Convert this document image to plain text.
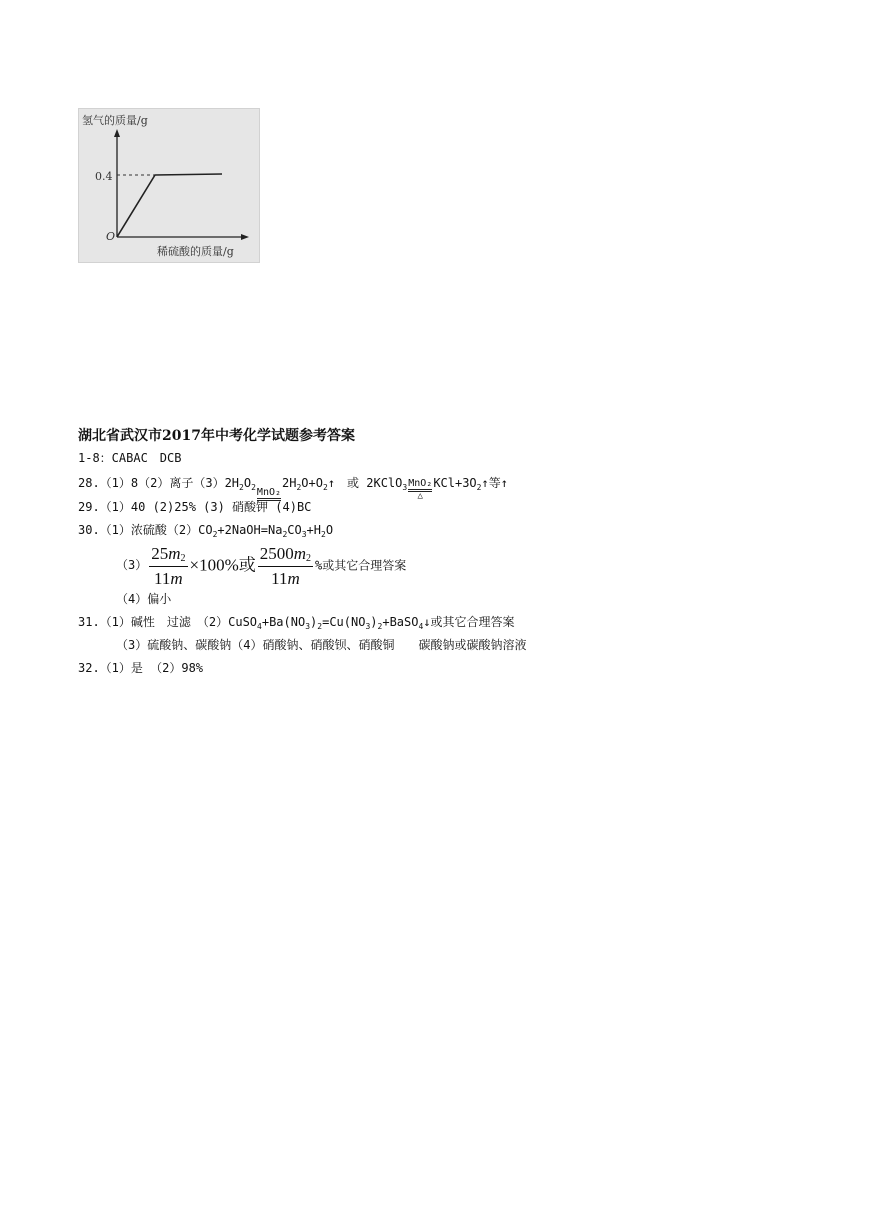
氢气的质量/g
0.4
O
稀硫酸的质量/g
湖北省武汉市2017年中考化学试题参考答案
1-8：CABAC　DCB
28.（1）8（2）离子$(3)2H_2O_2$ MnO₂
$2H_2O+O_2↑$　或 2KClO$_3$ MnO₂
△
$KCl+3O_2↑$等↑
29.（1）40 (2)25% (3) 硝酸钾 (4)BC
30.（1）浓硫酸$(2)CO_2+2NaOH=Na_2CO_3+H_2O$
$(3) \frac{25m_2}{11m} \times 100\%$或 $\frac{2500m_2}{11m}$ %或其它合理答案
（4）偏小
31.（1）碱性　过滤　$(2)CuSO_4+Ba(NO_3)_2=Cu(NO_3)_2+BaSO_4↓$或其它合理答案
（3）硫酸钠、碳酸钠（4）硝酸钠、硝酸钡、硝酸铜 碳酸钠或碳酸钠溶液
32.（1）是 （2）98%
